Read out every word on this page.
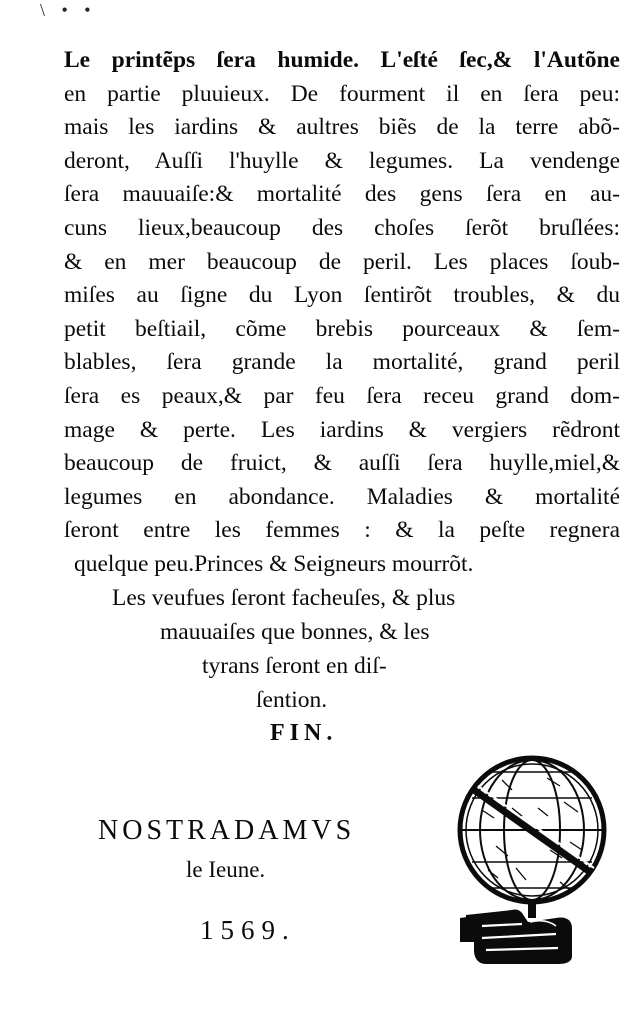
\ • •
Le printẽps ſera humide. L'eſté ſec,& l'Autõne
en partie pluuieux. De fourment il en ſera peu:
mais les iardins & aultres biẽs de la terre abõ-
deront, Auſſi l'huylle & legumes. La vendenge
ſera mauuaiſe:& mortalité des gens ſera en au-
cuns lieux,beaucoup des choſes ſerõt bruſlées:
& en mer beaucoup de peril. Les places ſoub-
miſes au ſigne du Lyon ſentirõt troubles, & du
petit beſtiail, cõme brebis pourceaux & ſem-
blables, ſera grande la mortalité, grand peril
ſera es peaux,& par feu ſera receu grand dom-
mage & perte. Les iardins & vergiers rẽdront
beaucoup de fruict, & auſſi ſera huylle,miel,&
legumes en abondance. Maladies & mortalité
ſeront entre les femmes : & la peſte regnera
quelque peu.Princes & Seigneurs mourrõt.
Les veufues ſeront facheuſes, & plus
mauuaiſes que bonnes, & les
tyrans ſeront en diſ-
ſention.
FIN.
NOSTRADAMVS
le Ieune.
1569.
